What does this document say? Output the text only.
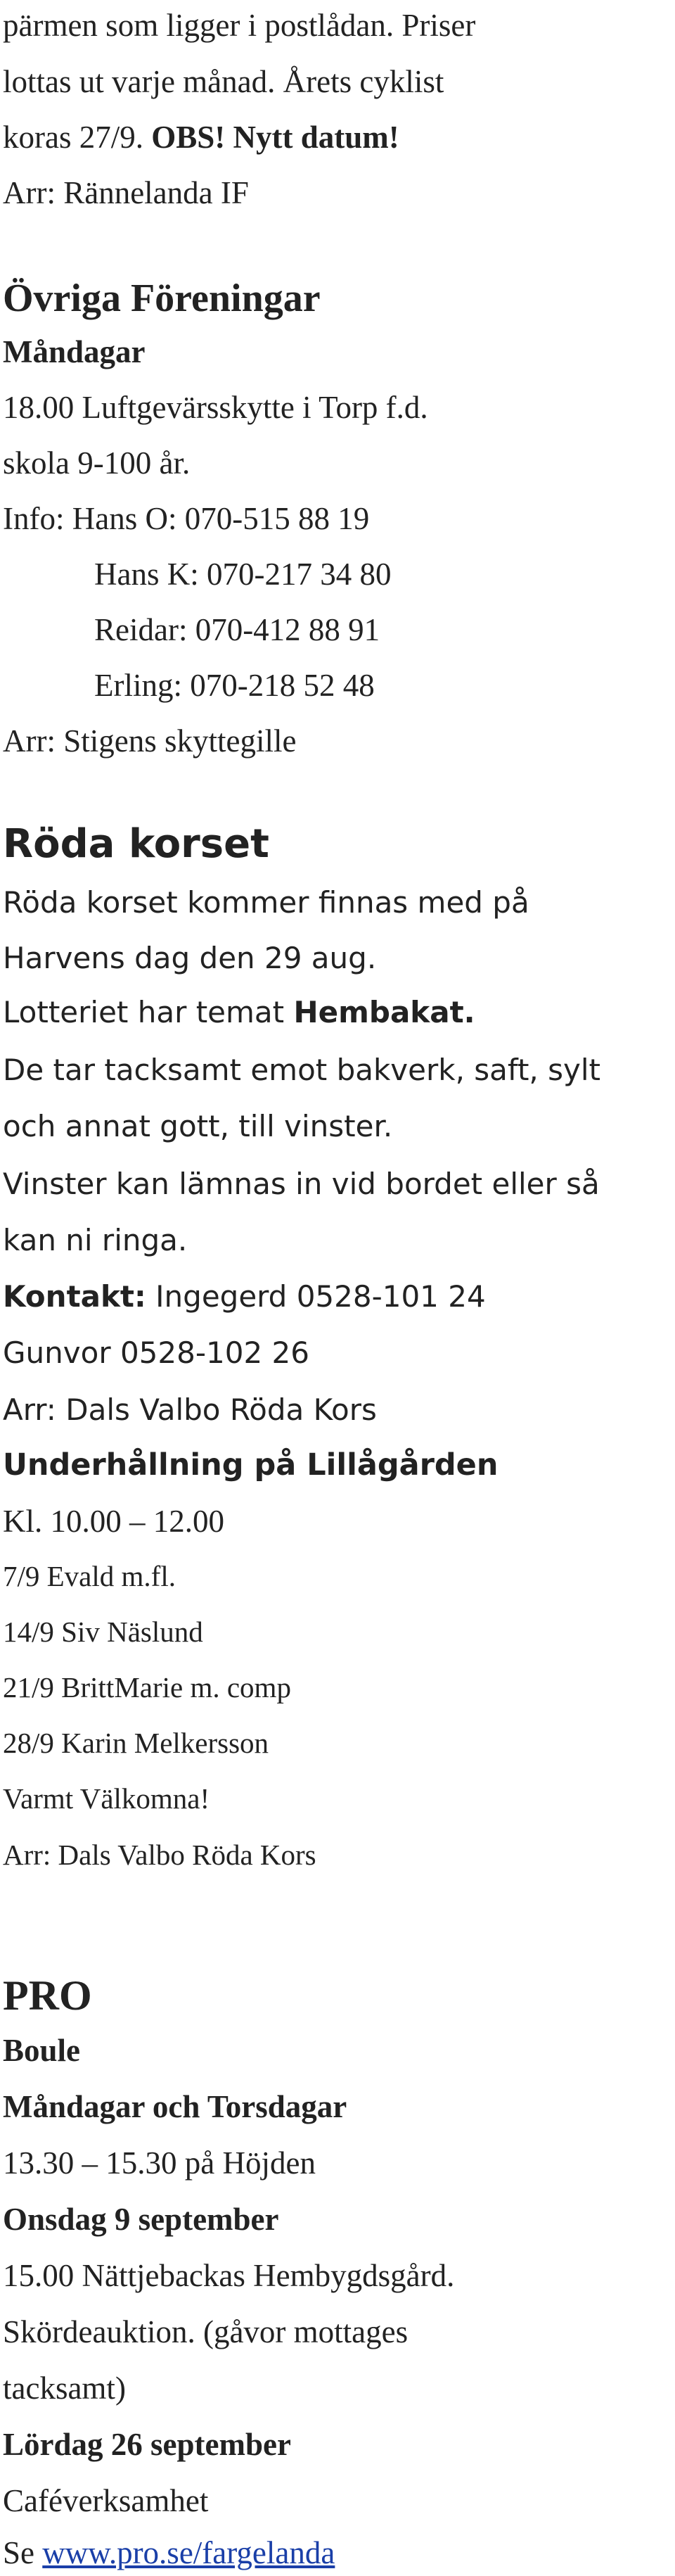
pärmen som ligger i postlådan. Priser

lottas ut varje månad. Årets cyklist

koras 27/9. OBS! Nytt datum!

Arr: Rännelanda IF

Övriga Föreningar

Måndagar

18.00 Luftgevärsskytte i Torp f.d.

skola 9-100 år.

Info: Hans O: 070-515 88 19

Hans K: 070-217 34 80

Reidar: 070-412 88 91

Erling: 070-218 52 48

Arr: Stigens skyttegille

Röda korset

Röda korset kommer finnas med på

Harvens dag den 29 aug.

Lotteriet har temat Hembakat.

De tar tacksamt emot bakverk, saft, sylt

och annat gott, till vinster.

Vinster kan lämnas in vid bordet eller så

kan ni ringa.

Kontakt: Ingegerd 0528-101 24

Gunvor 0528-102 26

Arr: Dals Valbo Röda Kors

Underhållning på Lillågården

Kl. 10.00 – 12.00

7/9 Evald m.fl.

14/9 Siv Näslund

21/9 BrittMarie m. comp

28/9 Karin Melkersson

Varmt Välkomna!

Arr: Dals Valbo Röda Kors

PRO

Boule

Måndagar och Torsdagar

13.30 – 15.30 på Höjden

Onsdag 9 september

15.00 Nättjebackas Hembygdsgård.

Skördeauktion. (gåvor mottages

tacksamt)

Lördag 26 september

Caféverksamhet

Se www.pro.se/fargelanda
